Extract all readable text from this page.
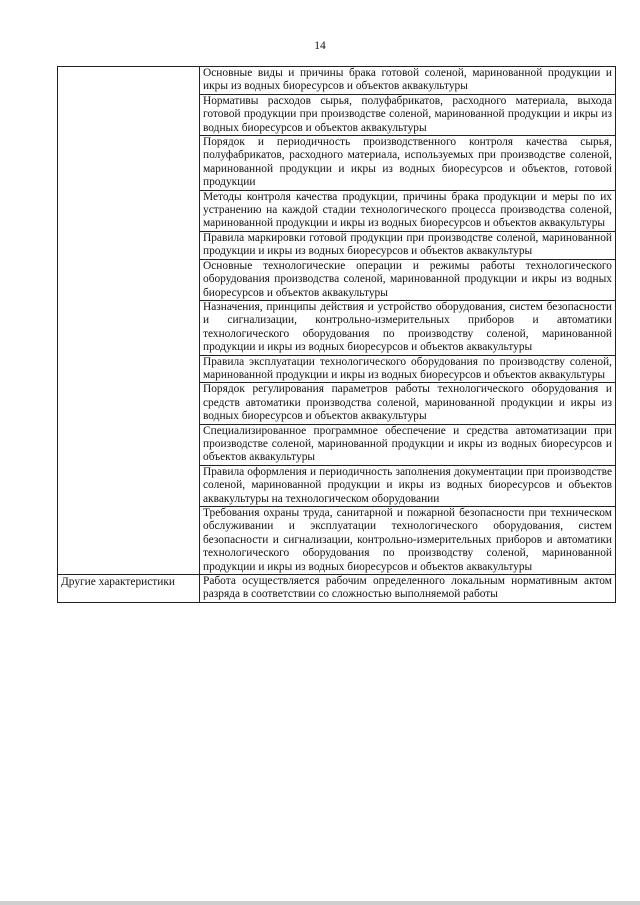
14
	Основные виды и причины брака готовой соленой, маринованной продукции и икры из водных биоресурсов и объектов аквакультуры
	Нормативы расходов сырья, полуфабрикатов, расходного материала, выхода готовой продукции при производстве соленой, маринованной продукции и икры из водных биоресурсов и объектов аквакультуры
	Порядок и периодичность производственного контроля качества сырья, полуфабрикатов, расходного материала, используемых при производстве соленой, маринованной продукции и икры из водных биоресурсов и объектов, готовой продукции
	Методы контроля качества продукции, причины брака продукции и меры по их устранению на каждой стадии технологического процесса производства соленой, маринованной продукции и икры из водных биоресурсов и объектов аквакультуры
	Правила маркировки готовой продукции при производстве соленой, маринованной продукции и икры из водных биоресурсов и объектов аквакультуры
	Основные технологические операции и режимы работы технологического оборудования производства соленой, маринованной продукции и икры из водных биоресурсов и объектов аквакультуры
	Назначения, принципы действия и устройство оборудования, систем безопасности и сигнализации, контрольно-измерительных приборов и автоматики технологического оборудования по производству соленой, маринованной продукции и икры из водных биоресурсов и объектов аквакультуры
	Правила эксплуатации технологического оборудования по производству соленой, маринованной продукции и икры из водных биоресурсов и объектов аквакультуры
	Порядок регулирования параметров работы технологического оборудования и средств автоматики производства соленой, маринованной продукции и икры из водных биоресурсов и объектов аквакультуры
	Специализированное программное обеспечение и средства автоматизации при производстве соленой, маринованной продукции и икры из водных биоресурсов и объектов аквакультуры
	Правила оформления и периодичность заполнения документации при производстве соленой, маринованной продукции и икры из водных биоресурсов и объектов аквакультуры на технологическом оборудовании
	Требования охраны труда, санитарной и пожарной безопасности при техническом обслуживании и эксплуатации технологического оборудования, систем безопасности и сигнализации, контрольно-измерительных приборов и автоматики технологического оборудования по производству соленой, маринованной продукции и икры из водных биоресурсов и объектов аквакультуры
Другие характеристики	Работа осуществляется рабочим определенного локальным нормативным актом разряда в соответствии со сложностью выполняемой работы
